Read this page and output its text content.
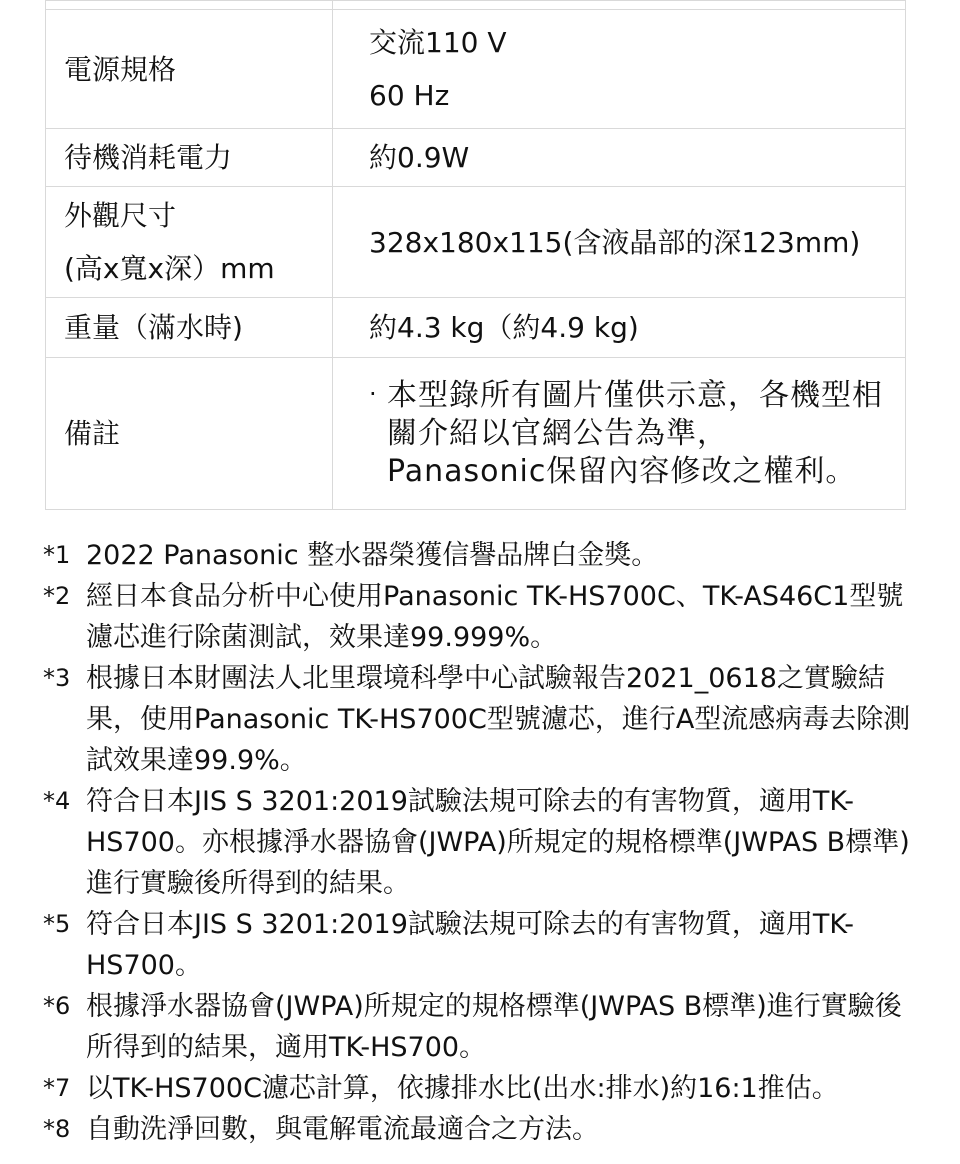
電源規格	交流110 V
60 Hz

待機消耗電力	約0.9W

外觀尺寸
(高x寬x深）mm	328x180x115(含液晶部的深123mm)
重量（滿水時)	約4.3 kg（約4.9 kg)
備註	· 本型錄所有圖片僅供示意，各機型相關介紹以官網公告為準，Panasonic保留內容修改之權利。
*1 2022 Panasonic 整水器榮獲信譽品牌白金獎。
*2 經日本食品分析中心使用Panasonic TK-HS700C、TK-AS46C1型號濾芯進行除菌測試，效果達99.999%。
*3 根據日本財團法人北里環境科學中心試驗報告2021_0618之實驗結果，使用Panasonic TK-HS700C型號濾芯，進行A型流感病毒去除測試效果達99.9%。
*4 符合日本JIS S 3201:2019試驗法規可除去的有害物質，適用TK-HS700。亦根據淨水器協會(JWPA)所規定的規格標準(JWPAS B標準)進行實驗後所得到的結果。
*5 符合日本JIS S 3201:2019試驗法規可除去的有害物質，適用TK-HS700。
*6 根據淨水器協會(JWPA)所規定的規格標準(JWPAS B標準)進行實驗後所得到的結果，適用TK-HS700。
*7 以TK-HS700C濾芯計算，依據排水比(出水:排水)約16:1推估。
*8 自動洗淨回數，與電解電流最適合之方法。
